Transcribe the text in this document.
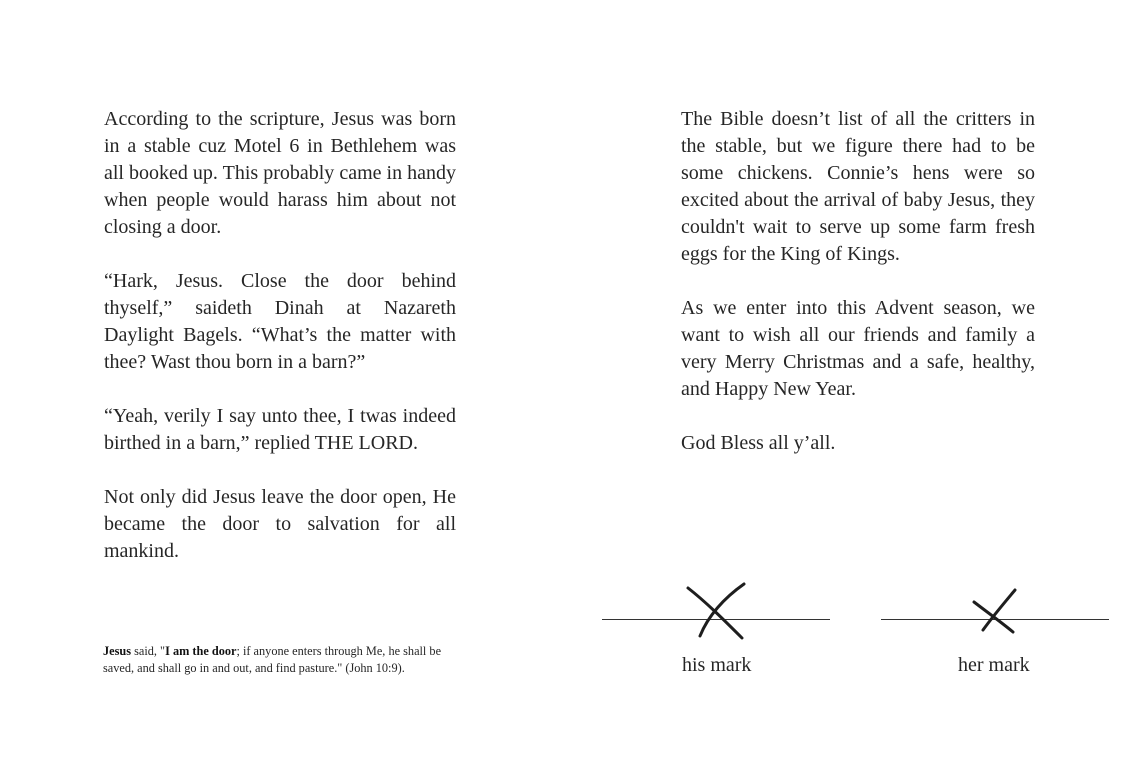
According to the scripture, Jesus was born in a stable cuz Motel 6 in Bethlehem was all booked up. This probably came in handy when people would harass him about not closing a door.

“Hark, Jesus. Close the door behind thyself,” saideth Dinah at Nazareth Daylight Bagels. “What’s the matter with thee? Wast thou born in a barn?”

“Yeah, verily I say unto thee, I twas indeed birthed in a barn,” replied THE LORD.

Not only did Jesus leave the door open, He became the door to salvation for all mankind.

Jesus said, "I am the door; if anyone enters through Me, he shall be saved, and shall go in and out, and find pasture." (John 10:9).

The Bible doesn’t list of all the critters in the stable, but we figure there had to be some chickens. Connie’s hens were so excited about the arrival of baby Jesus, they couldn't wait to serve up some farm fresh eggs for the King of Kings.

As we enter into this Advent season, we want to wish all our friends and family a very Merry Christmas and a safe, healthy, and Happy New Year.

God Bless all y’all.

his mark	her mark
